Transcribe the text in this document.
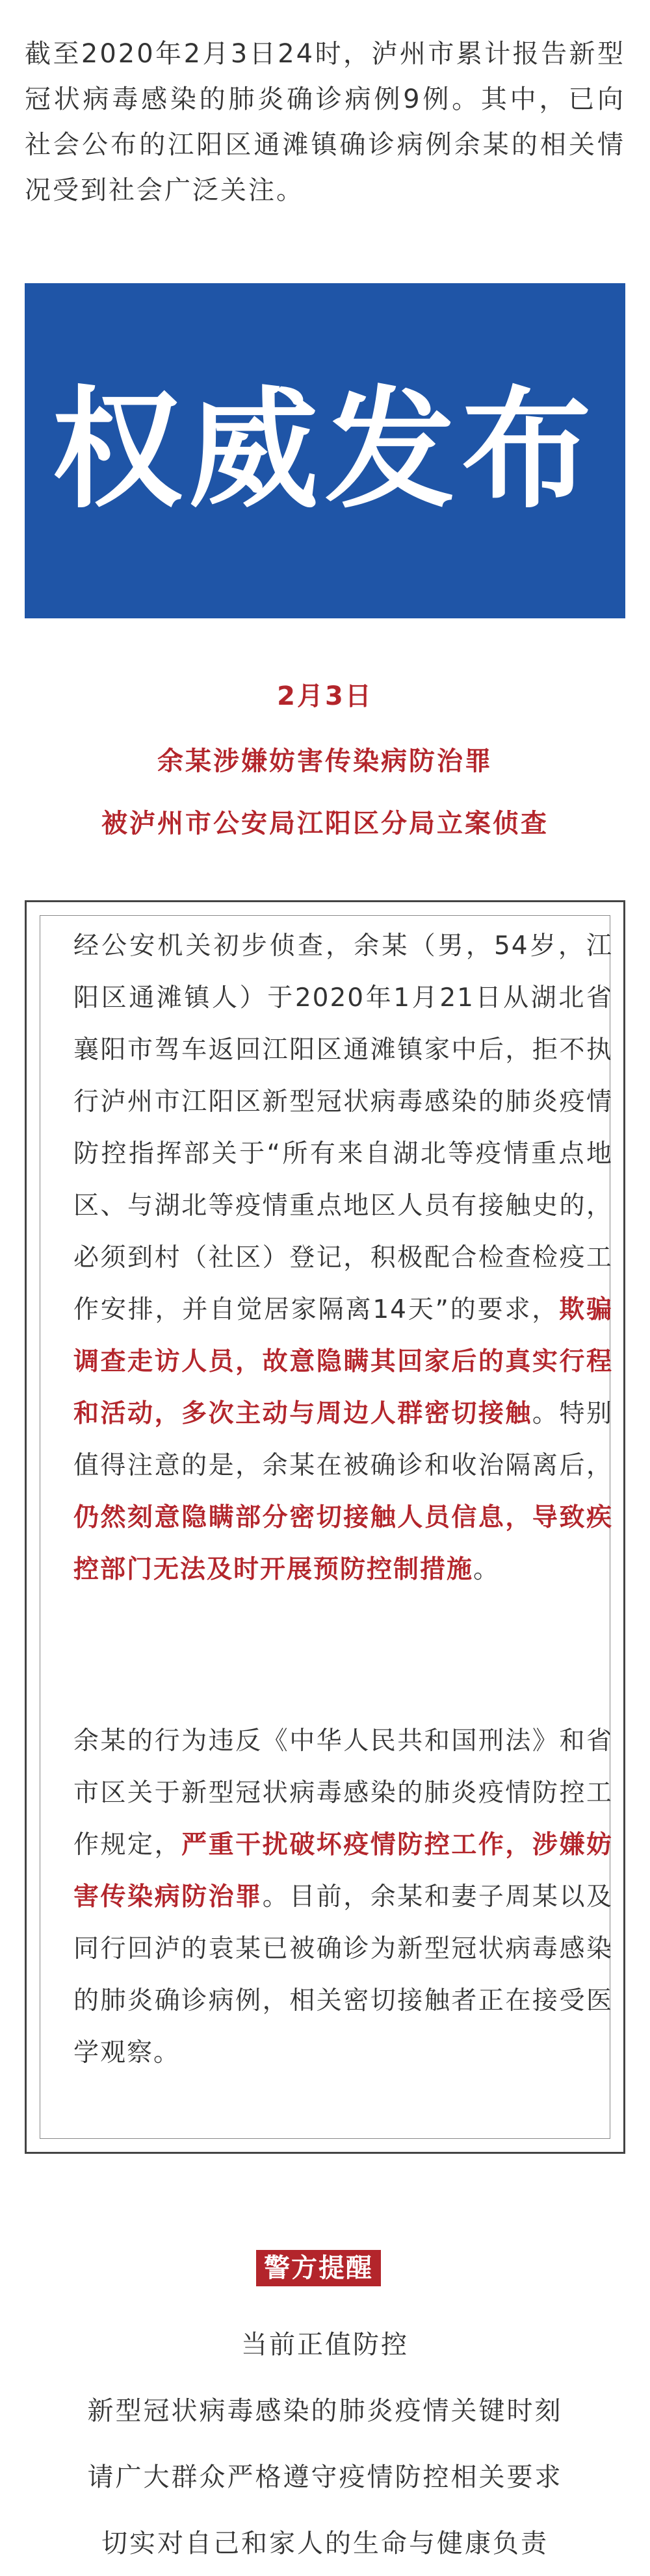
截至2020年2月3日24时，泸州市累计报告新型冠状病毒感染的肺炎确诊病例9例。其中，已向社会公布的江阳区通滩镇确诊病例余某的相关情况受到社会广泛关注。
权威发布
2月3日
余某涉嫌妨害传染病防治罪
被泸州市公安局江阳区分局立案侦查
经公安机关初步侦查，余某（男，54岁，江阳区通滩镇人）于2020年1月21日从湖北省襄阳市驾车返回江阳区通滩镇家中后，拒不执行泸州市江阳区新型冠状病毒感染的肺炎疫情防控指挥部关于“所有来自湖北等疫情重点地区、与湖北等疫情重点地区人员有接触史的，必须到村（社区）登记，积极配合检查检疫工作安排，并自觉居家隔离14天”的要求，欺骗调查走访人员，故意隐瞒其回家后的真实行程和活动，多次主动与周边人群密切接触。特别值得注意的是，余某在被确诊和收治隔离后，仍然刻意隐瞒部分密切接触人员信息，导致疾控部门无法及时开展预防控制措施。
余某的行为违反《中华人民共和国刑法》和省市区关于新型冠状病毒感染的肺炎疫情防控工作规定，严重干扰破坏疫情防控工作，涉嫌妨害传染病防治罪。目前，余某和妻子周某以及同行回泸的袁某已被确诊为新型冠状病毒感染的肺炎确诊病例，相关密切接触者正在接受医学观察。
警方提醒
当前正值防控
新型冠状病毒感染的肺炎疫情关键时刻
请广大群众严格遵守疫情防控相关要求
切实对自己和家人的生命与健康负责
